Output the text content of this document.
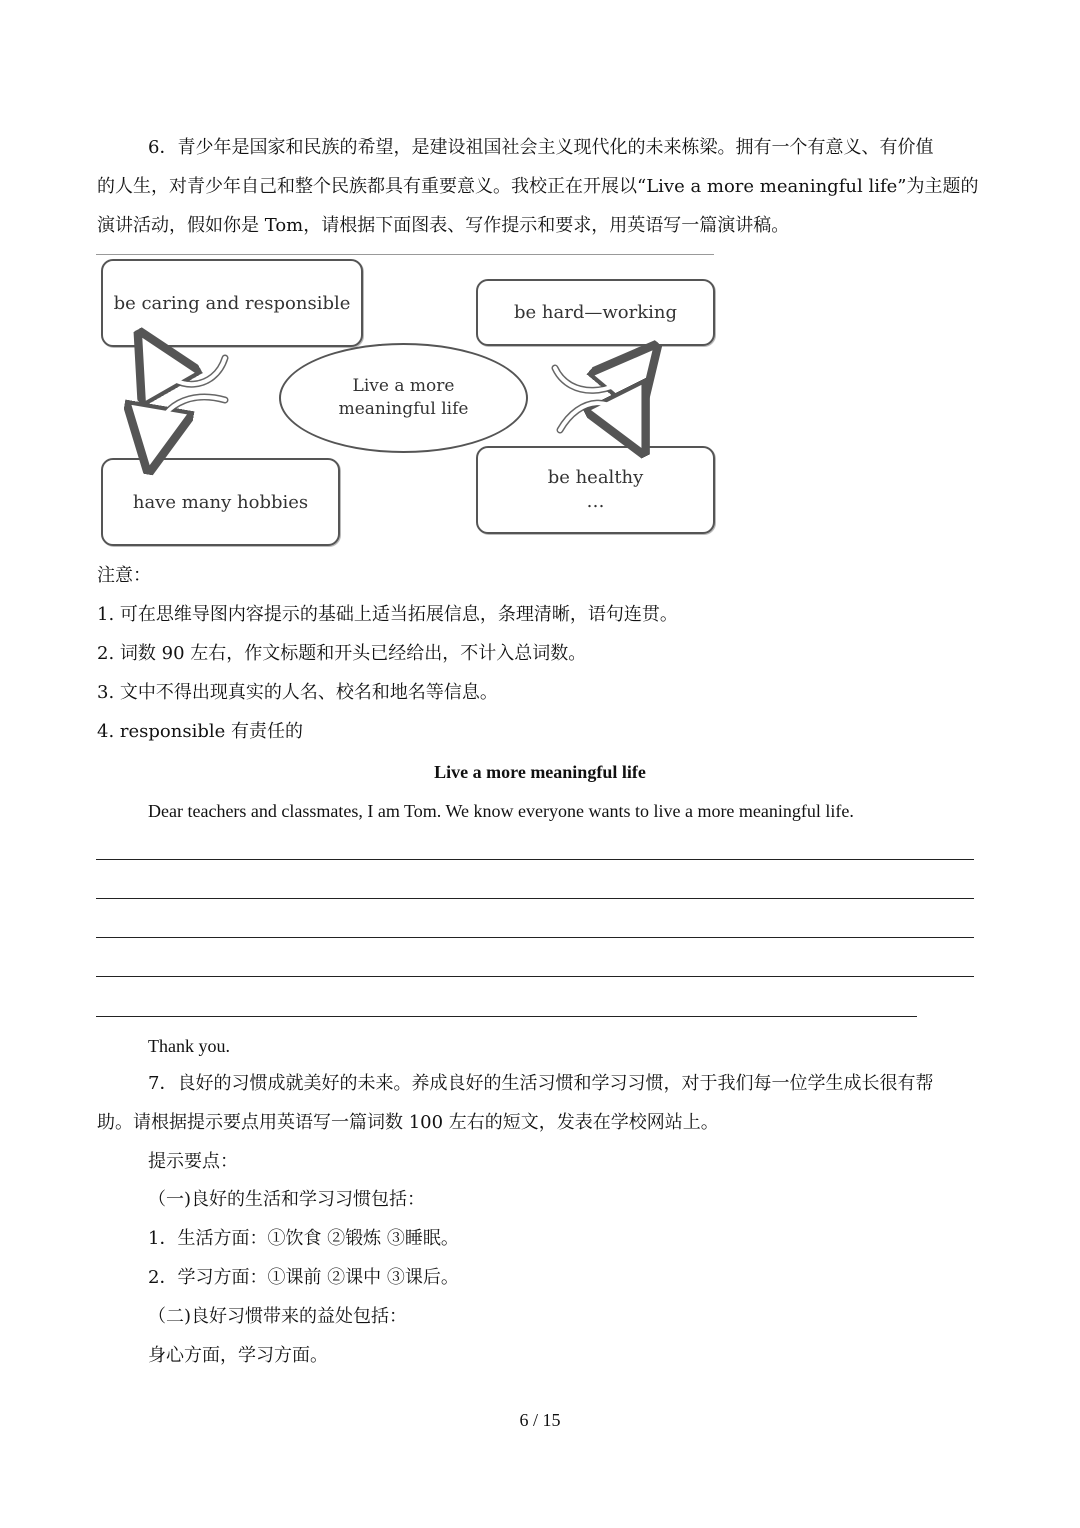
6．青少年是国家和民族的希望，是建设祖国社会主义现代化的未来栋梁。拥有一个有意义、有价值
的人生，对青少年自己和整个民族都具有重要意义。我校正在开展以“Live a more meaningful life”为主题的
演讲活动，假如你是 Tom，请根据下面图表、写作提示和要求，用英语写一篇演讲稿。
be caring and responsible	be hard—working
Live a more
meaningful life
have many hobbies
be healthy
…
注意：
1. 可在思维导图内容提示的基础上适当拓展信息，条理清晰，语句连贯。
2. 词数 90 左右，作文标题和开头已经给出，不计入总词数。
3. 文中不得出现真实的人名、校名和地名等信息。
4. responsible 有责任的
Live a more meaningful life
Dear teachers and classmates, I am Tom. We know everyone wants to live a more meaningful life.
Thank you.
7．良好的习惯成就美好的未来。养成良好的生活习惯和学习习惯，对于我们每一位学生成长很有帮
助。请根据提示要点用英语写一篇词数 100 左右的短文，发表在学校网站上。
提示要点：
（一)良好的生活和学习习惯包括：
1．生活方面：①饮食 ②锻炼 ③睡眠。
2．学习方面：①课前 ②课中 ③课后。
（二)良好习惯带来的益处包括：
身心方面，学习方面。
6 / 15
